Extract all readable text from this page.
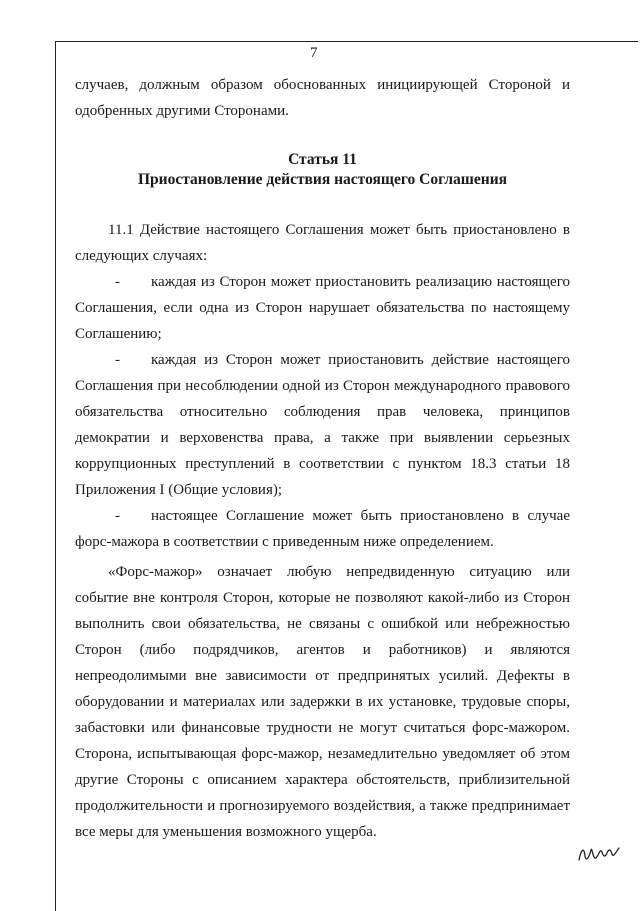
7

случаев, должным образом обоснованных инициирующей Стороной и одобренных другими Сторонами.

Статья 11
Приостановление действия настоящего Соглашения

11.1 Действие настоящего Соглашения может быть приостановлено в следующих случаях:

- каждая из Сторон может приостановить реализацию настоящего Соглашения, если одна из Сторон нарушает обязательства по настоящему Соглашению;

- каждая из Сторон может приостановить действие настоящего Соглашения при несоблюдении одной из Сторон международного правового обязательства относительно соблюдения прав человека, принципов демократии и верховенства права, а также при выявлении серьезных коррупционных преступлений в соответствии с пунктом 18.3 статьи 18 Приложения I (Общие условия);

- настоящее Соглашение может быть приостановлено в случае форс-мажора в соответствии с приведенным ниже определением.

«Форс-мажор» означает любую непредвиденную ситуацию или событие вне контроля Сторон, которые не позволяют какой-либо из Сторон выполнить свои обязательства, не связаны с ошибкой или небрежностью Сторон (либо подрядчиков, агентов и работников) и являются непреодолимыми вне зависимости от предпринятых усилий. Дефекты в оборудовании и материалах или задержки в их установке, трудовые споры, забастовки или финансовые трудности не могут считаться форс-мажором. Сторона, испытывающая форс-мажор, незамедлительно уведомляет об этом другие Стороны с описанием характера обстоятельств, приблизительной продолжительности и прогнозируемого воздействия, а также предпринимает все меры для уменьшения возможного ущерба.
